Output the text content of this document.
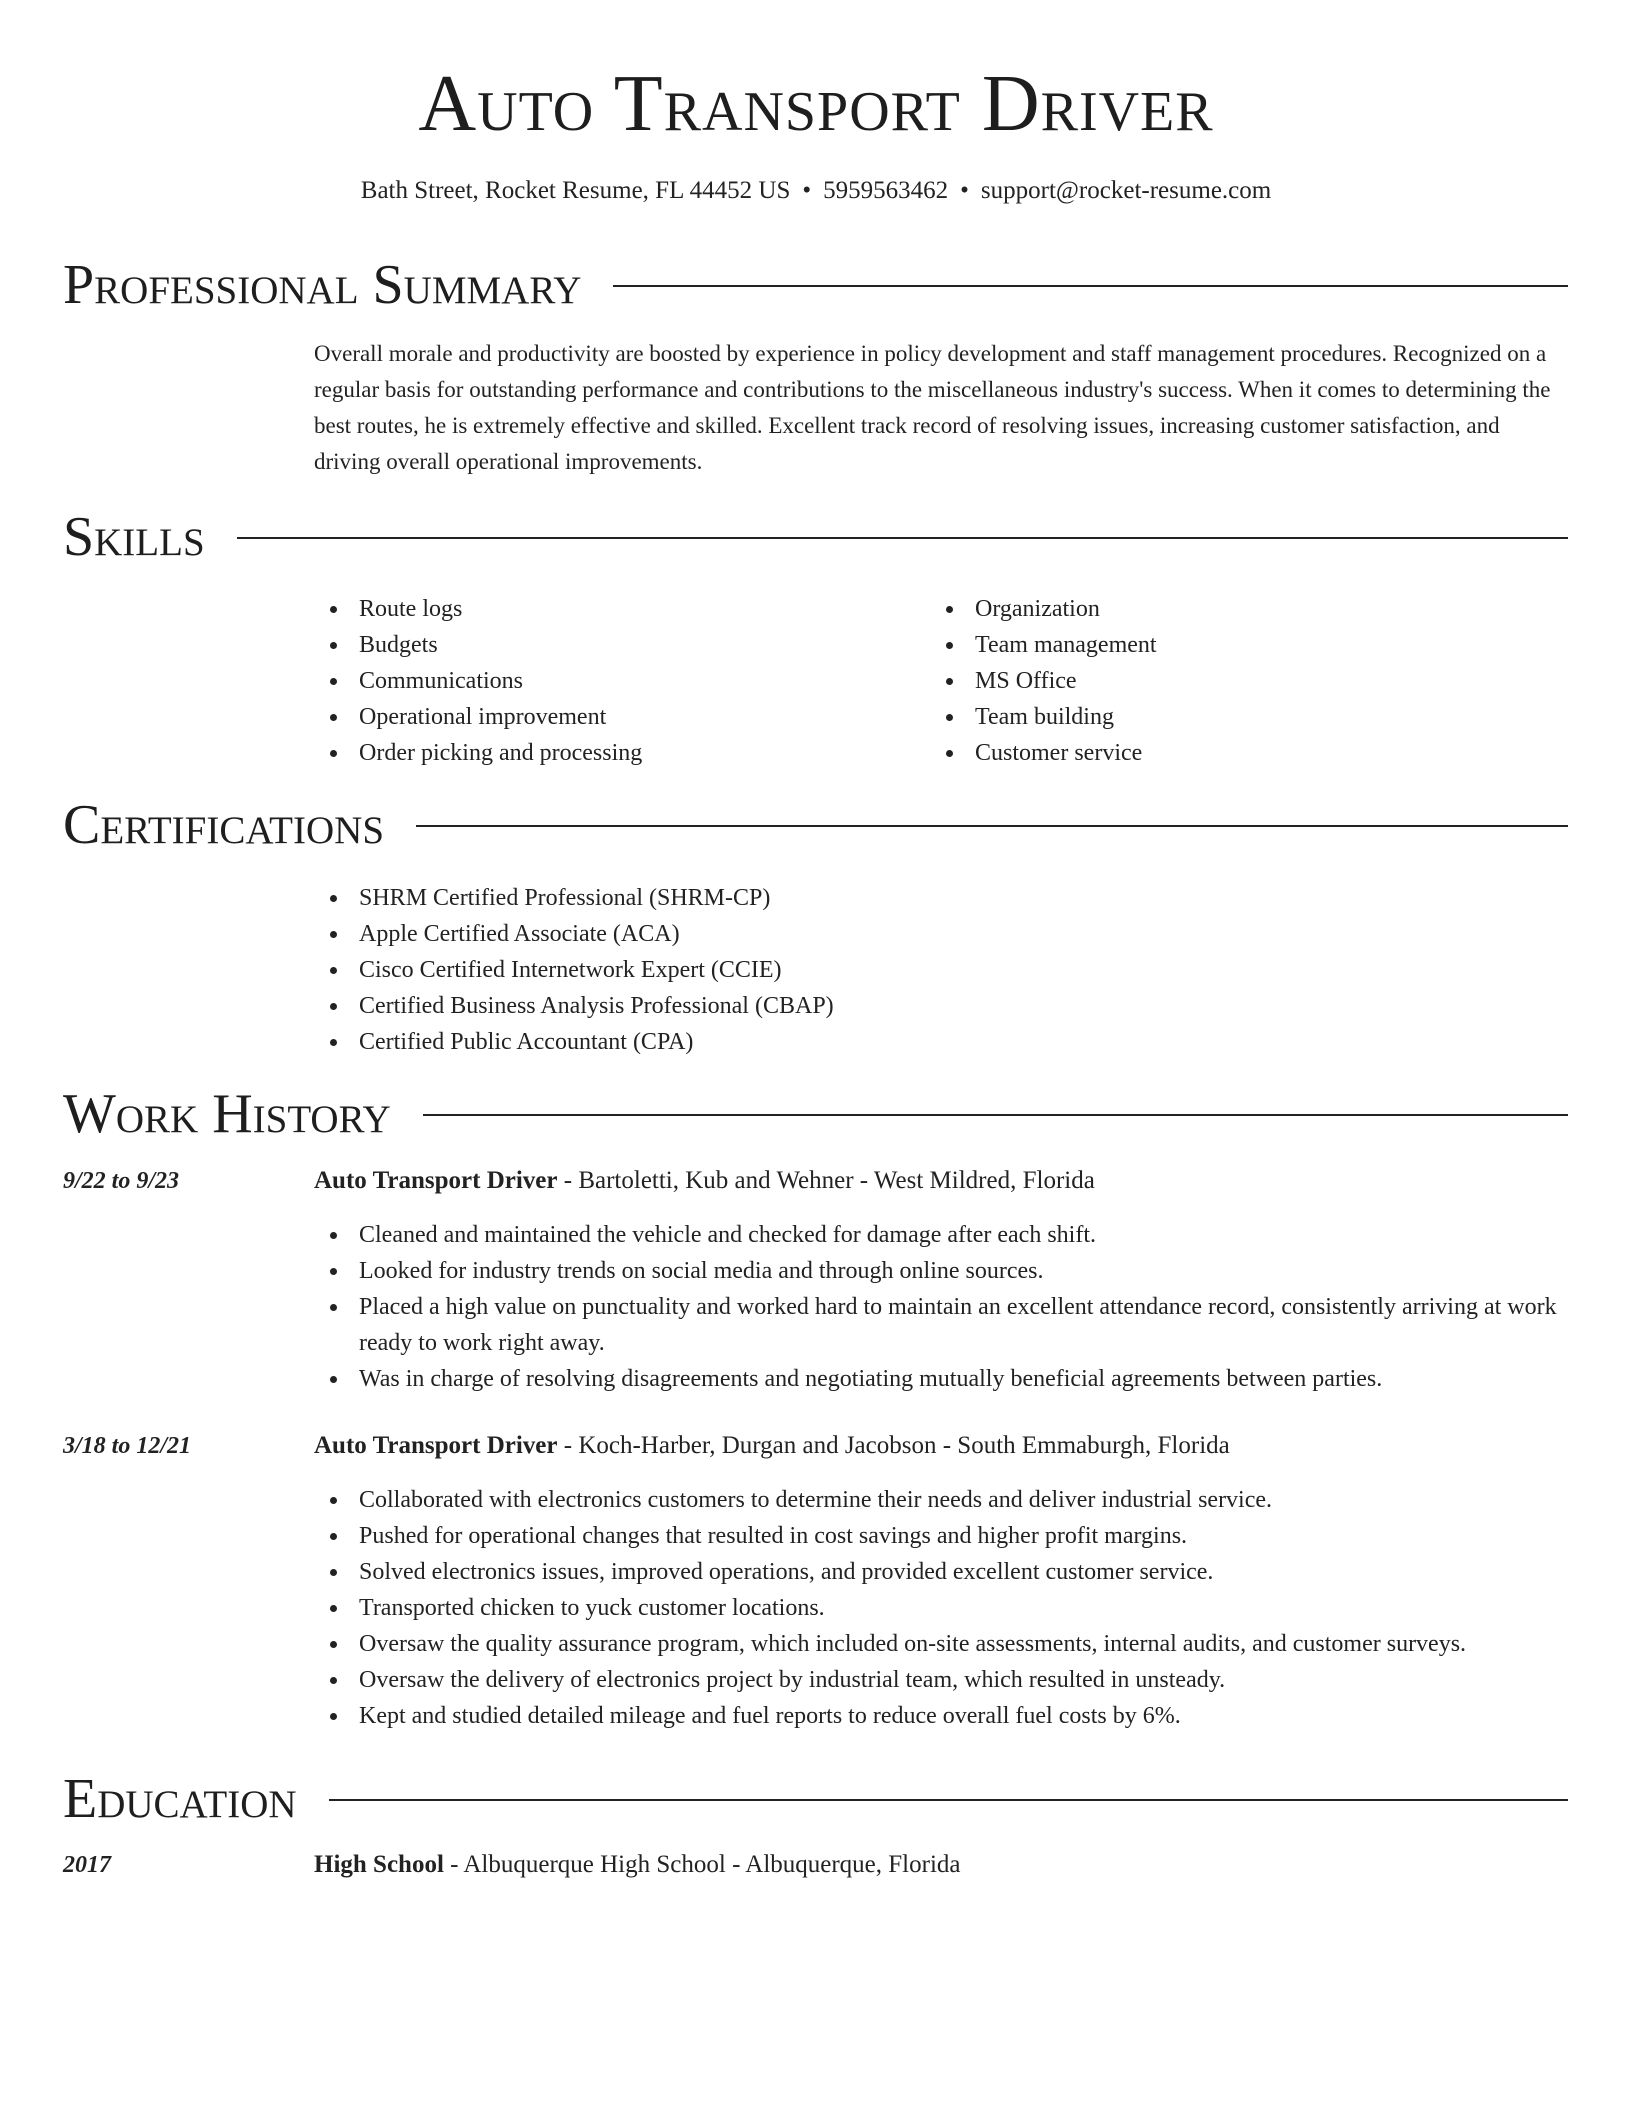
Auto Transport Driver
Bath Street, Rocket Resume, FL 44452 US • 5959563462 • support@rocket-resume.com
Professional Summary

Overall morale and productivity are boosted by experience in policy development and staff management procedures. Recognized on a regular basis for outstanding performance and contributions to the miscellaneous industry's success. When it comes to determining the best routes, he is extremely effective and skilled. Excellent track record of resolving issues, increasing customer satisfaction, and driving overall operational improvements.

Skills
Route logs
Budgets
Communications
Operational improvement
Order picking and processing
Organization
Team management
MS Office
Team building
Customer service
Certifications
SHRM Certified Professional (SHRM-CP)
Apple Certified Associate (ACA)
Cisco Certified Internetwork Expert (CCIE)
Certified Business Analysis Professional (CBAP)
Certified Public Accountant (CPA)
Work History
9/22 to 9/23	Auto Transport Driver - Bartoletti, Kub and Wehner - West Mildred, Florida
Cleaned and maintained the vehicle and checked for damage after each shift.
Looked for industry trends on social media and through online sources.
Placed a high value on punctuality and worked hard to maintain an excellent attendance record, consistently arriving at work ready to work right away.
Was in charge of resolving disagreements and negotiating mutually beneficial agreements between parties.
3/18 to 12/21	Auto Transport Driver - Koch-Harber, Durgan and Jacobson - South Emmaburgh, Florida
Collaborated with electronics customers to determine their needs and deliver industrial service.
Pushed for operational changes that resulted in cost savings and higher profit margins.
Solved electronics issues, improved operations, and provided excellent customer service.
Transported chicken to yuck customer locations.
Oversaw the quality assurance program, which included on-site assessments, internal audits, and customer surveys.
Oversaw the delivery of electronics project by industrial team, which resulted in unsteady.
Kept and studied detailed mileage and fuel reports to reduce overall fuel costs by 6%.
Education
2017	High School - Albuquerque High School - Albuquerque, Florida
